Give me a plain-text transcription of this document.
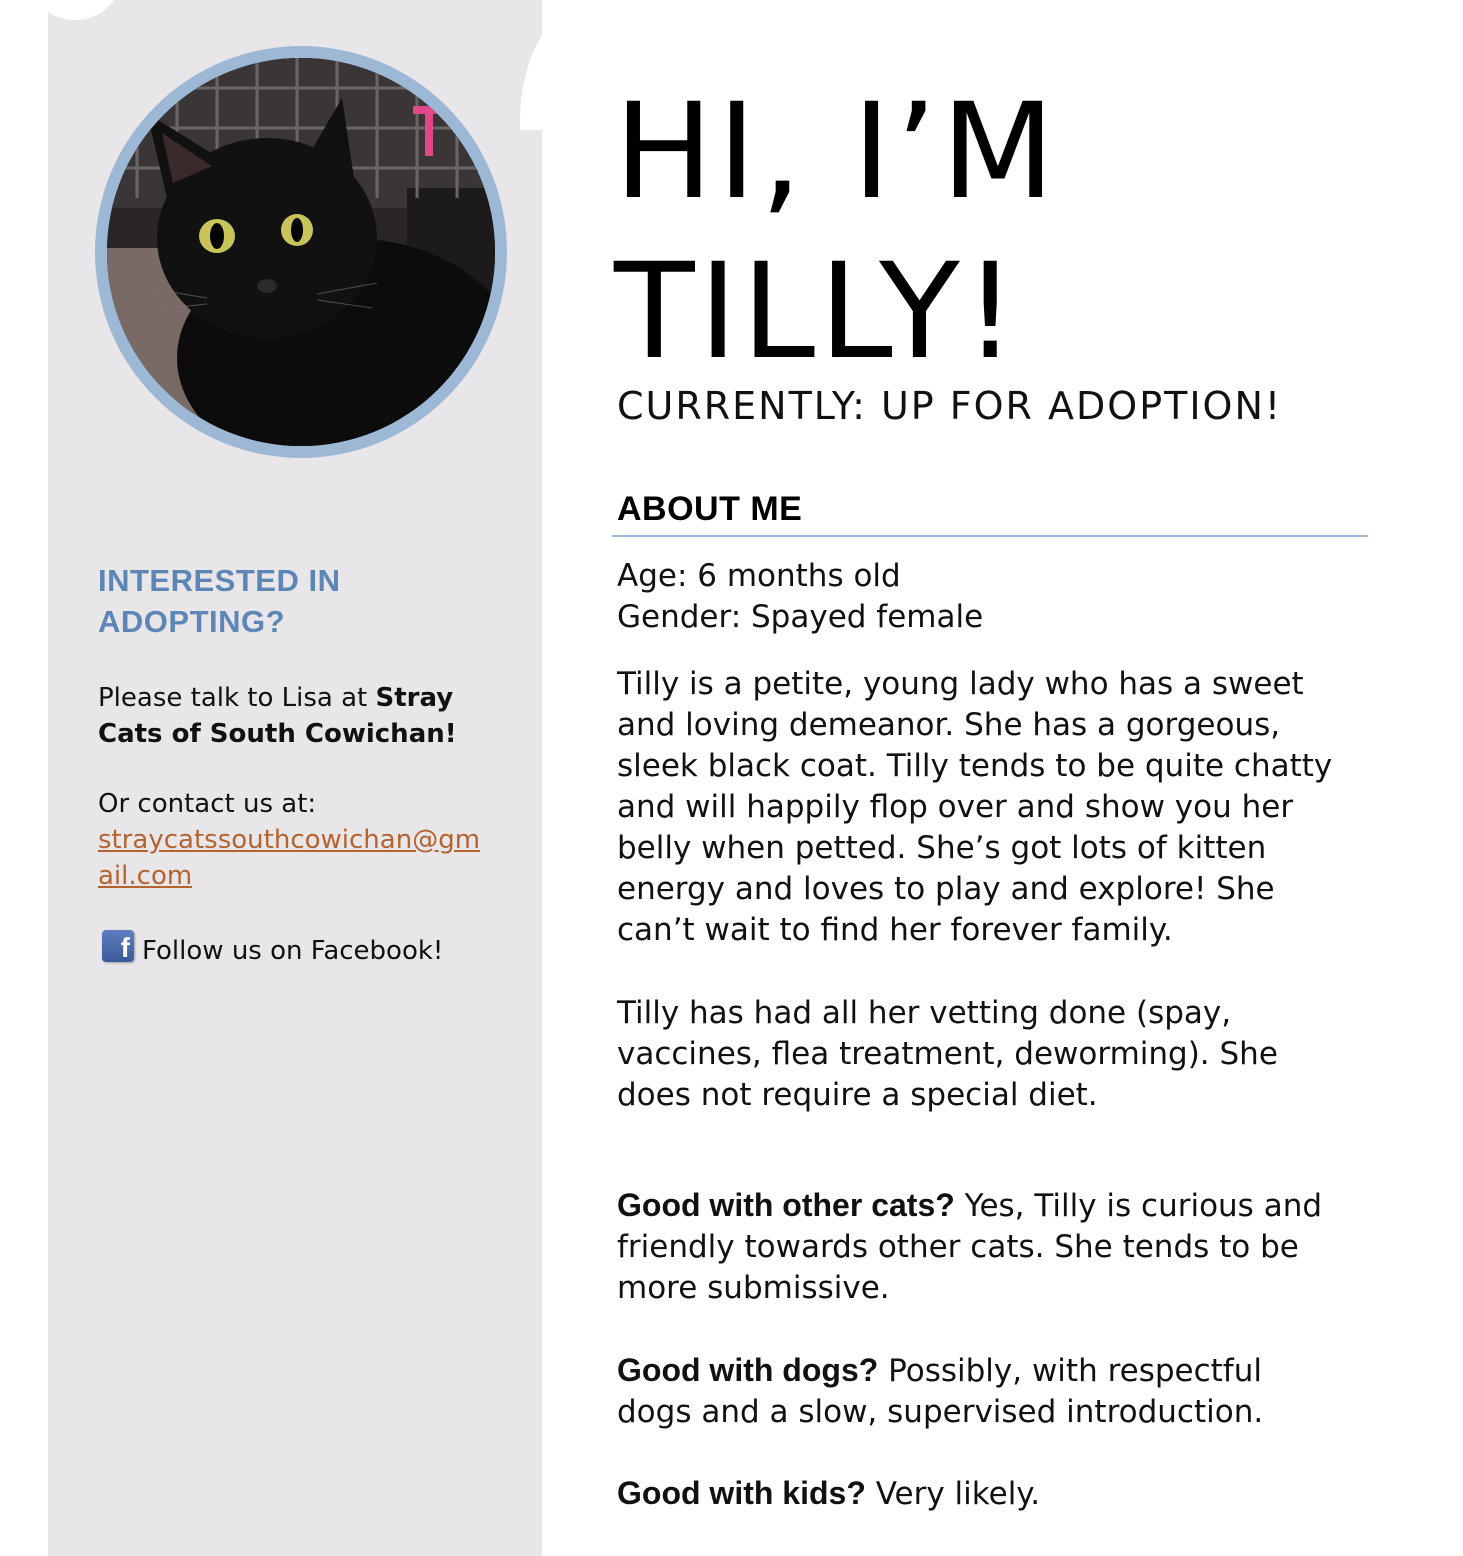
INTERESTED IN ADOPTING?
Please talk to Lisa at Stray Cats of South Cowichan!
Or contact us at:
straycatssouthcowichan@gmail.com
f Follow us on Facebook!
HI, I’M
TILLY!
CURRENTLY: UP FOR ADOPTION!
ABOUT ME
Age: 6 months old
Gender: Spayed female
Tilly is a petite, young lady who has a sweet
and loving demeanor. She has a gorgeous,
sleek black coat. Tilly tends to be quite chatty
and will happily flop over and show you her
belly when petted. She’s got lots of kitten
energy and loves to play and explore! She
can’t wait to find her forever family.
Tilly has had all her vetting done (spay,
vaccines, flea treatment, deworming). She
does not require a special diet.
Good with other cats? Yes, Tilly is curious and
friendly towards other cats. She tends to be
more submissive.
Good with dogs? Possibly, with respectful
dogs and a slow, supervised introduction.
Good with kids? Very likely.
